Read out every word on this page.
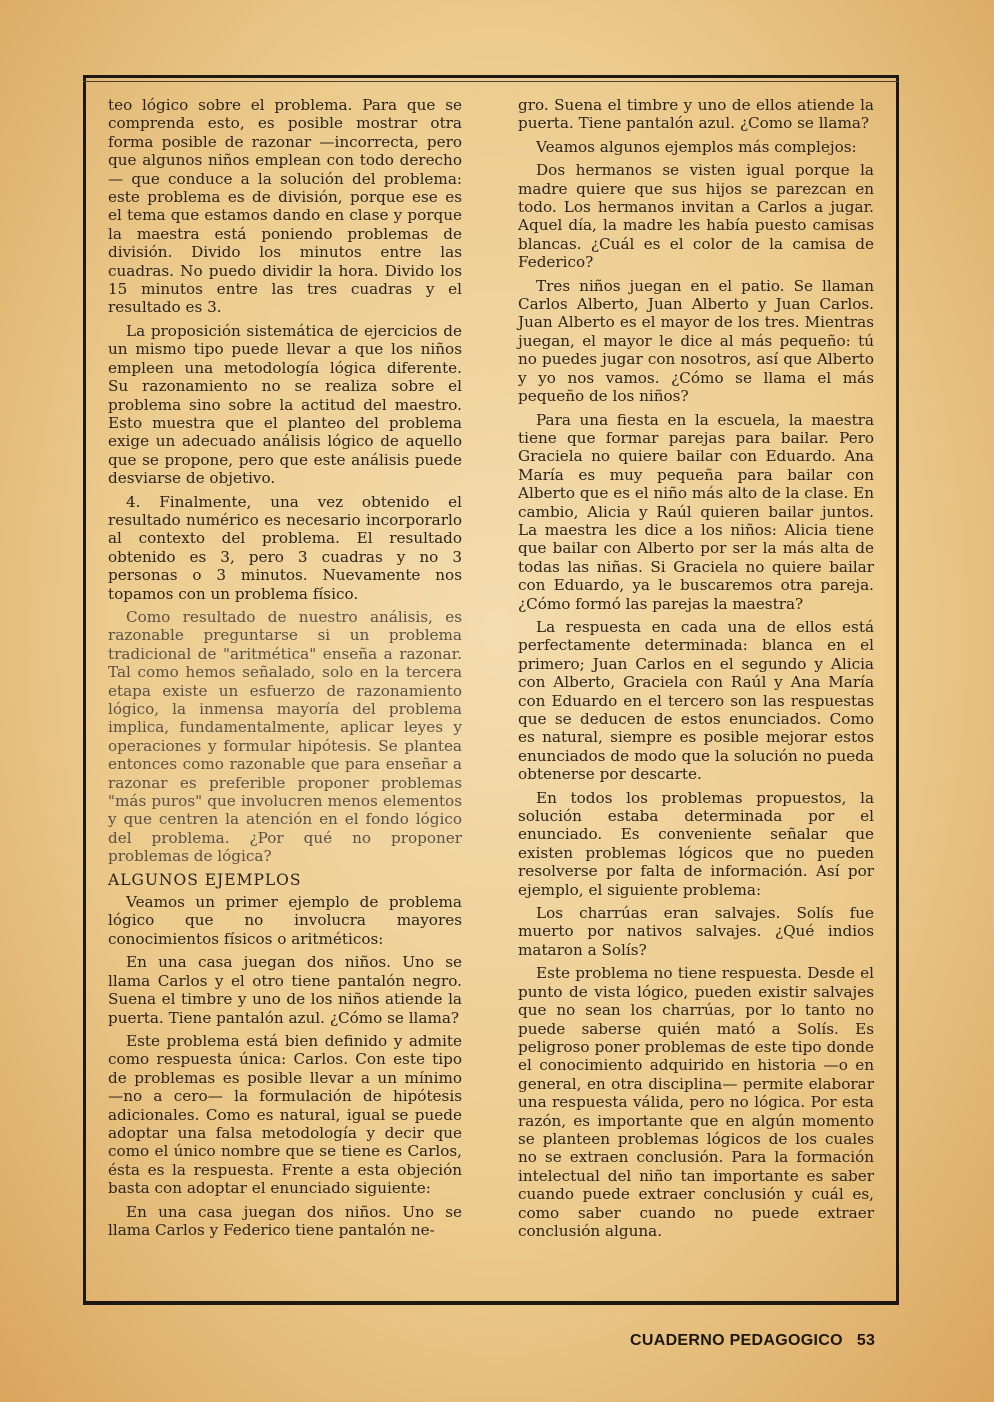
teo lógico sobre el problema. Para que se comprenda esto, es posible mostrar otra forma posible de razonar —incorrecta, pero que algunos niños emplean con todo derecho— que conduce a la solución del problema: este problema es de división, porque ese es el tema que estamos dando en clase y porque la maestra está poniendo problemas de división. Divido los minutos entre las cuadras. No puedo dividir la hora. Divido los 15 minutos entre las tres cuadras y el resultado es 3.

La proposición sistemática de ejercicios de un mismo tipo puede llevar a que los niños empleen una metodología lógica diferente. Su razonamiento no se realiza sobre el problema sino sobre la actitud del maestro. Esto muestra que el planteo del problema exige un adecuado análisis lógico de aquello que se propone, pero que este análisis puede desviarse de objetivo.

4. Finalmente, una vez obtenido el resultado numérico es necesario incorporarlo al contexto del problema. El resultado obtenido es 3, pero 3 cuadras y no 3 personas o 3 minutos. Nuevamente nos topamos con un problema físico.

Como resultado de nuestro análisis, es razonable preguntarse si un problema tradicional de "aritmética" enseña a razonar. Tal como hemos señalado, solo en la tercera etapa existe un esfuerzo de razonamiento lógico, la inmensa mayoría del problema implica, fundamentalmente, aplicar leyes y operaciones y formular hipótesis. Se plantea entonces como razonable que para enseñar a razonar es preferible proponer problemas "más puros" que involucren menos elementos y que centren la atención en el fondo lógico del problema. ¿Por qué no proponer problemas de lógica?

ALGUNOS EJEMPLOS

Veamos un primer ejemplo de problema lógico que no involucra mayores conocimientos físicos o aritméticos:

En una casa juegan dos niños. Uno se llama Carlos y el otro tiene pantalón negro. Suena el timbre y uno de los niños atiende la puerta. Tiene pantalón azul. ¿Cómo se llama?

Este problema está bien definido y admite como respuesta única: Carlos. Con este tipo de problemas es posible llevar a un mínimo —no a cero— la formulación de hipótesis adicionales. Como es natural, igual se puede adoptar una falsa metodología y decir que como el único nombre que se tiene es Carlos, ésta es la respuesta. Frente a esta objeción basta con adoptar el enunciado siguiente:

En una casa juegan dos niños. Uno se llama Carlos y Federico tiene pantalón ne-

gro. Suena el timbre y uno de ellos atiende la puerta. Tiene pantalón azul. ¿Como se llama?

Veamos algunos ejemplos más complejos:

Dos hermanos se visten igual porque la madre quiere que sus hijos se parezcan en todo. Los hermanos invitan a Carlos a jugar. Aquel día, la madre les había puesto camisas blancas. ¿Cuál es el color de la camisa de Federico?

Tres niños juegan en el patio. Se llaman Carlos Alberto, Juan Alberto y Juan Carlos. Juan Alberto es el mayor de los tres. Mientras juegan, el mayor le dice al más pequeño: tú no puedes jugar con nosotros, así que Alberto y yo nos vamos. ¿Cómo se llama el más pequeño de los niños?

Para una fiesta en la escuela, la maestra tiene que formar parejas para bailar. Pero Graciela no quiere bailar con Eduardo. Ana María es muy pequeña para bailar con Alberto que es el niño más alto de la clase. En cambio, Alicia y Raúl quieren bailar juntos. La maestra les dice a los niños: Alicia tiene que bailar con Alberto por ser la más alta de todas las niñas. Si Graciela no quiere bailar con Eduardo, ya le buscaremos otra pareja. ¿Cómo formó las parejas la maestra?

La respuesta en cada una de ellos está perfectamente determinada: blanca en el primero; Juan Carlos en el segundo y Alicia con Alberto, Graciela con Raúl y Ana María con Eduardo en el tercero son las respuestas que se deducen de estos enunciados. Como es natural, siempre es posible mejorar estos enunciados de modo que la solución no pueda obtenerse por descarte.

En todos los problemas propuestos, la solución estaba determinada por el enunciado. Es conveniente señalar que existen problemas lógicos que no pueden resolverse por falta de información. Así por ejemplo, el siguiente problema:

Los charrúas eran salvajes. Solís fue muerto por nativos salvajes. ¿Qué indios mataron a Solís?

Este problema no tiene respuesta. Desde el punto de vista lógico, pueden existir salvajes que no sean los charrúas, por lo tanto no puede saberse quién mató a Solís. Es peligroso poner problemas de este tipo donde el conocimiento adquirido en historia —o en general, en otra disciplina— permite elaborar una respuesta válida, pero no lógica. Por esta razón, es importante que en algún momento se planteen problemas lógicos de los cuales no se extraen conclusión. Para la formación intelectual del niño tan importante es saber cuando puede extraer conclusión y cuál es, como saber cuando no puede extraer conclusión alguna.

CUADERNO PEDAGOGICO 53
